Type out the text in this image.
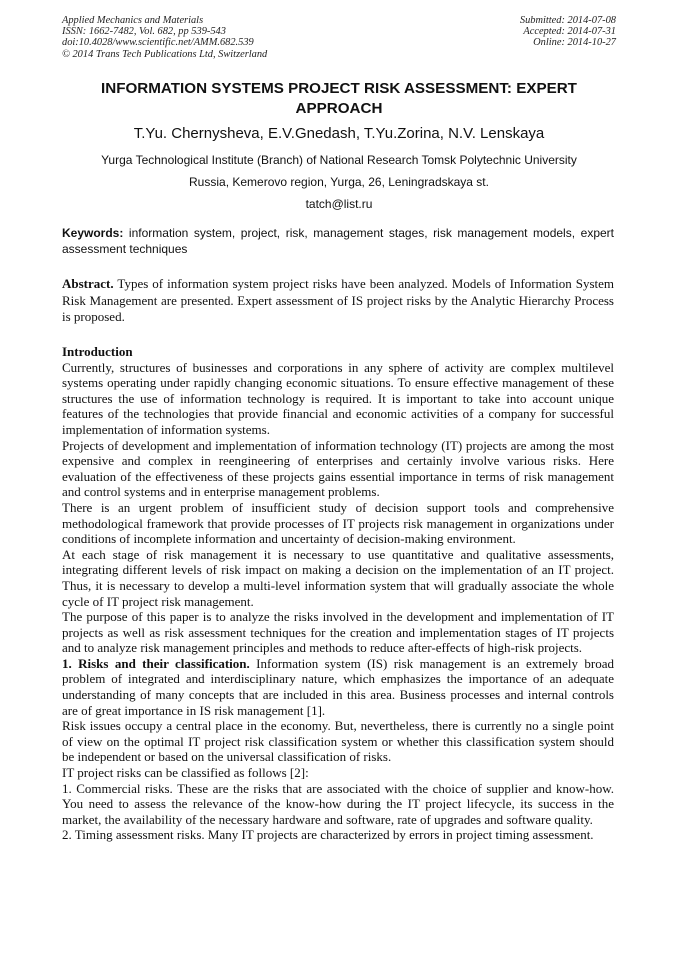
Applied Mechanics and Materials
ISSN: 1662-7482, Vol. 682, pp 539-543
doi:10.4028/www.scientific.net/AMM.682.539
© 2014 Trans Tech Publications Ltd, Switzerland
Submitted: 2014-07-08
Accepted: 2014-07-31
Online: 2014-10-27
INFORMATION SYSTEMS PROJECT RISK ASSESSMENT: EXPERT APPROACH
T.Yu. Chernysheva, E.V.Gnedash, T.Yu.Zorina, N.V. Lenskaya
Yurga Technological Institute (Branch) of National Research Tomsk Polytechnic University
Russia, Kemerovo region, Yurga, 26, Leningradskaya st.
tatch@list.ru
Keywords: information system, project, risk, management stages, risk management models, expert assessment techniques
Abstract. Types of information system project risks have been analyzed. Models of Information System Risk Management are presented. Expert assessment of IS project risks by the Analytic Hierarchy Process is proposed.

Introduction

Currently, structures of businesses and corporations in any sphere of activity are complex multilevel systems operating under rapidly changing economic situations. To ensure effective management of these structures the use of information technology is required. It is important to take into account unique features of the technologies that provide financial and economic activities of a company for successful implementation of information systems.

Projects of development and implementation of information technology (IT) projects are among the most expensive and complex in reengineering of enterprises and certainly involve various risks. Here evaluation of the effectiveness of these projects gains essential importance in terms of risk management and control systems and in enterprise management problems.

There is an urgent problem of insufficient study of decision support tools and comprehensive methodological framework that provide processes of IT projects risk management in organizations under conditions of incomplete information and uncertainty of decision-making environment.

At each stage of risk management it is necessary to use quantitative and qualitative assessments, integrating different levels of risk impact on making a decision on the implementation of an IT project. Thus, it is necessary to develop a multi-level information system that will gradually associate the whole cycle of IT project risk management.

The purpose of this paper is to analyze the risks involved in the development and implementation of IT projects as well as risk assessment techniques for the creation and implementation stages of IT projects and to analyze risk management principles and methods to reduce after-effects of high-risk projects.

1. Risks and their classification. Information system (IS) risk management is an extremely broad problem of integrated and interdisciplinary nature, which emphasizes the importance of an adequate understanding of many concepts that are included in this area. Business processes and internal controls are of great importance in IS risk management [1].

Risk issues occupy a central place in the economy. But, nevertheless, there is currently no a single point of view on the optimal IT project risk classification system or whether this classification system should be independent or based on the universal classification of risks.

IT project risks can be classified as follows [2]:

1. Commercial risks. These are the risks that are associated with the choice of supplier and know-how. You need to assess the relevance of the know-how during the IT project lifecycle, its success in the market, the availability of the necessary hardware and software, rate of upgrades and software quality.

2. Timing assessment risks. Many IT projects are characterized by errors in project timing assessment.
